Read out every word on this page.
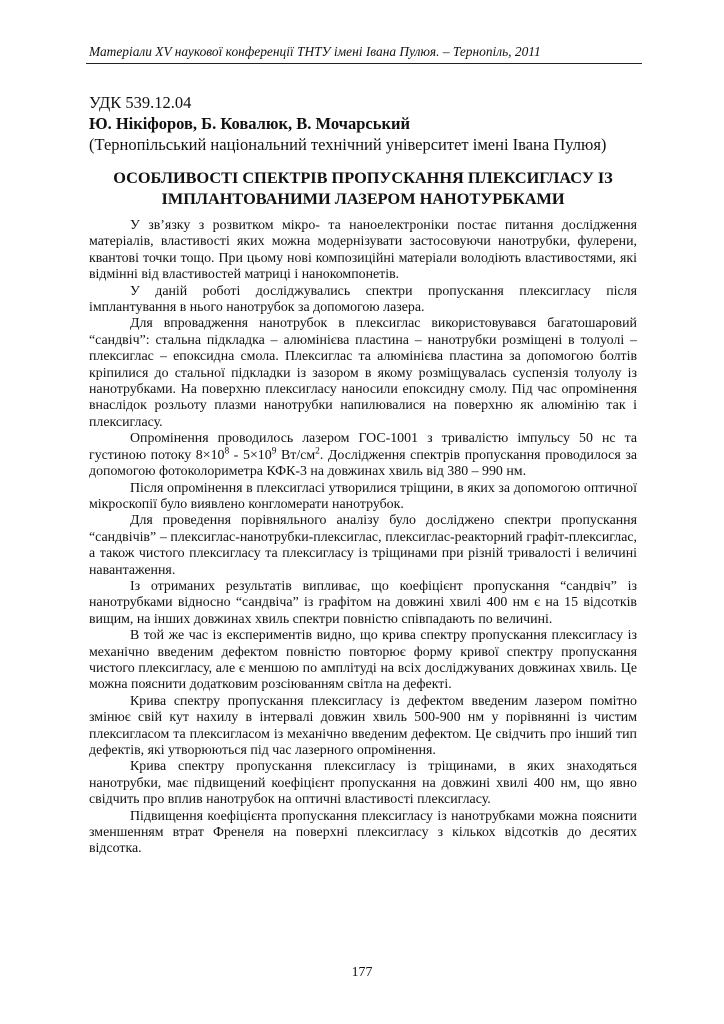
Матеріали XV наукової конференції ТНТУ імені Івана Пулюя. – Тернопіль, 2011
УДК 539.12.04
Ю. Нікіфоров, Б. Ковалюк, В. Мочарський
(Тернопільський національний технічний університет імені Івана Пулюя)
ОСОБЛИВОСТІ СПЕКТРІВ ПРОПУСКАННЯ ПЛЕКСИГЛАСУ ІЗ
ІМПЛАНТОВАНИМИ ЛАЗЕРОМ НАНОТУРБКАМИ

У зв’язку з розвитком мікро- та наноелектроніки постає питання дослідження матеріалів, властивості яких можна модернізувати застосовуючи нанотрубки, фулерени, квантові точки тощо. При цьому нові композиційні матеріали володіють властивостями, які відмінні від властивостей матриці і нанокомпонетів.

У даній роботі досліджувались спектри пропускання плексигласу після імплантування в нього нанотрубок за допомогою лазера.

Для впровадження нанотрубок в плексиглас використовувався багатошаровий “сандвіч”: стальна підкладка – алюмінієва пластина – нанотрубки розміщені в толуолі – плексиглас – епоксидна смола. Плексиглас та алюмінієва пластина за допомогою болтів кріпилися до стальної підкладки із зазором в якому розміщувалась суспензія толуолу із нанотрубками. На поверхню плексигласу наносили епоксидну смолу. Під час опромінення внаслідок розльоту плазми нанотрубки напилювалися на поверхню як алюмінію так і плексигласу.

Опромінення проводилось лазером ГОС-1001 з тривалістю імпульсу 50 нс та густиною потоку $8\times 10^8 - 5\times 10^9$ $Вт/см^2$. Дослідження спектрів пропускання проводилося за допомогою фотоколориметра КФК-3 на довжинах хвиль від 380 – 990 нм.

Після опромінення в плексигласі утворилися тріщини, в яких за допомогою оптичної мікроскопії було виявлено конгломерати нанотрубок.

Для проведення порівняльного аналізу було досліджено спектри пропускання “сандвічів” – плексиглас-нанотрубки-плексиглас, плексиглас-реакторний графіт-плексиглас, а також чистого плексигласу та плексигласу із тріщинами при різній тривалості і величині навантаження.

Із отриманих результатів випливає, що коефіцієнт пропускання “сандвіч” із нанотрубками відносно “сандвіча” із графітом на довжині хвилі 400 нм є на 15 відсотків вищим, на інших довжинах хвиль спектри повністю співпадають по величині.

В той же час із експериментів видно, що крива спектру пропускання плексигласу із механічно введеним дефектом повністю повторює форму кривої спектру пропускання чистого плексигласу, але є меншою по амплітуді на всіх досліджуваних довжинах хвиль. Це можна пояснити додатковим розсіюванням світла на дефекті.

Крива спектру пропускання плексигласу із дефектом введеним лазером помітно змінює свій кут нахилу в інтервалі довжин хвиль 500-900 нм у порівнянні із чистим плексигласом та плексигласом із механічно введеним дефектом. Це свідчить про інший тип дефектів, які утворюються під час лазерного опромінення.

Крива спектру пропускання плексигласу із тріщинами, в яких знаходяться нанотрубки, має підвищений коефіцієнт пропускання на довжині хвилі 400 нм, що явно свідчить про вплив нанотрубок на оптичні властивості плексигласу.

Підвищення коефіцієнта пропускання плексигласу із нанотрубками можна пояснити зменшенням втрат Френеля на поверхні плексигласу з кількох відсотків до десятих відсотка.

177
